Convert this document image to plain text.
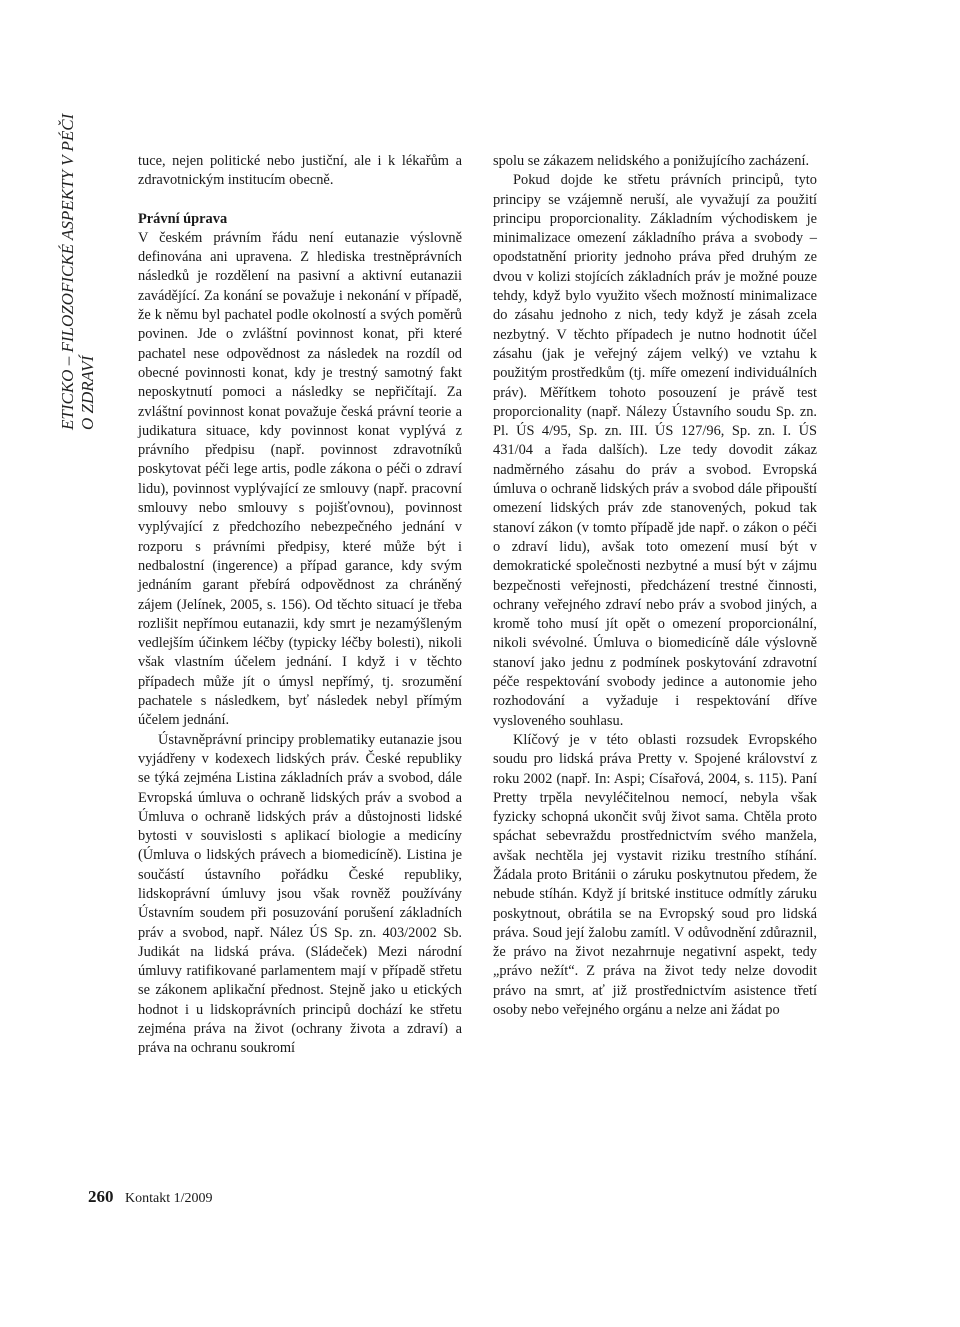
ETICKO – FILOZOFICKÉ ASPEKTY V PÉČI O ZDRAVÍ

tuce, nejen politické nebo justiční, ale i k lékařům a zdravotnickým institucím obecně.

Právní úprava

V českém právním řádu není eutanazie výslovně definována ani upravena. Z hlediska trestněprávních následků je rozdělení na pasivní a aktivní eutanazii zavádějící. Za konání se považuje i nekonání v případě, že k němu byl pachatel podle okolností a svých poměrů povinen. Jde o zvláštní povinnost konat, při které pachatel nese odpovědnost za následek na rozdíl od obecné povinnosti konat, kdy je trestný samotný fakt neposkytnutí pomoci a následky se nepřičítají. Za zvláštní povinnost konat považuje česká právní teorie a judikatura situace, kdy povinnost konat vyplývá z právního předpisu (např. povinnost zdravotníků poskytovat péči lege artis, podle zákona o péči o zdraví lidu), povinnost vyplývající ze smlouvy (např. pracovní smlouvy nebo smlouvy s pojišťovnou), povinnost vyplývající z předchozího nebezpečného jednání v rozporu s právními předpisy, které může být i nedbalostní (ingerence) a případ garance, kdy svým jednáním garant přebírá odpovědnost za chráněný zájem (Jelínek, 2005, s. 156). Od těchto situací je třeba rozlišit nepřímou eutanazii, kdy smrt je nezamýšleným vedlejším účinkem léčby (typicky léčby bolesti), nikoli však vlastním účelem jednání. I když i v těchto případech může jít o úmysl nepřímý, tj. srozumění pachatele s následkem, byť následek nebyl přímým účelem jednání.

Ústavněprávní principy problematiky eutanazie jsou vyjádřeny v kodexech lidských práv. České republiky se týká zejména Listina základních práv a svobod, dále Evropská úmluva o ochraně lidských práv a svobod a Úmluva o ochraně lidských práv a důstojnosti lidské bytosti v souvislosti s aplikací biologie a medicíny (Úmluva o lidských právech a biomedicíně). Listina je součástí ústavního pořádku České republiky, lidskoprávní úmluvy jsou však rovněž používány Ústavním soudem při posuzování porušení základních práv a svobod, např. Nález ÚS Sp. zn. 403/2002 Sb. Judikát na lidská práva. (Sládeček) Mezi národní úmluvy ratifikované parlamentem mají v případě střetu se zákonem aplikační přednost. Stejně jako u etických hodnot i u lidskoprávních principů dochází ke střetu zejména práva na život (ochrany života a zdraví) a práva na ochranu soukromí

spolu se zákazem nelidského a ponižujícího zacházení.

Pokud dojde ke střetu právních principů, tyto principy se vzájemně neruší, ale vyvažují za použití principu proporcionality. Základním východiskem je minimalizace omezení základního práva a svobody – opodstatnění priority jednoho práva před druhým ze dvou v kolizi stojících základních práv je možné pouze tehdy, když bylo využito všech možností minimalizace do zásahu jednoho z nich, tedy když je zásah zcela nezbytný. V těchto případech je nutno hodnotit účel zásahu (jak je veřejný zájem velký) ve vztahu k použitým prostředkům (tj. míře omezení individuálních práv). Měřítkem tohoto posouzení je právě test proporcionality (např. Nálezy Ústavního soudu Sp. zn. Pl. ÚS 4/95, Sp. zn. III. ÚS 127/96, Sp. zn. I. ÚS 431/04 a řada dalších). Lze tedy dovodit zákaz nadměrného zásahu do práv a svobod. Evropská úmluva o ochraně lidských práv a svobod dále připouští omezení lidských práv zde stanovených, pokud tak stanoví zákon (v tomto případě jde např. o zákon o péči o zdraví lidu), avšak toto omezení musí být v demokratické společnosti nezbytné a musí být v zájmu bezpečnosti veřejnosti, předcházení trestné činnosti, ochrany veřejného zdraví nebo práv a svobod jiných, a kromě toho musí jít opět o omezení proporcionální, nikoli svévolné. Úmluva o biomedicíně dále výslovně stanoví jako jednu z podmínek poskytování zdravotní péče respektování svobody jedince a autonomie jeho rozhodování a vyžaduje i respektování dříve vysloveného souhlasu.

Klíčový je v této oblasti rozsudek Evropského soudu pro lidská práva Pretty v. Spojené království z roku 2002 (např. In: Aspi; Císařová, 2004, s. 115). Paní Pretty trpěla nevyléčitelnou nemocí, nebyla však fyzicky schopná ukončit svůj život sama. Chtěla proto spáchat sebevraždu prostřednictvím svého manžela, avšak nechtěla jej vystavit riziku trestního stíhání. Žádala proto Británii o záruku poskytnutou předem, že nebude stíhán. Když jí britské instituce odmítly záruku poskytnout, obrátila se na Evropský soud pro lidská práva. Soud její žalobu zamítl. V odůvodnění zdůraznil, že právo na život nezahrnuje negativní aspekt, tedy „právo nežít“. Z práva na život tedy nelze dovodit právo na smrt, ať již prostřednictvím asistence třetí osoby nebo veřejného orgánu a nelze ani žádat po

260 Kontakt 1/2009
